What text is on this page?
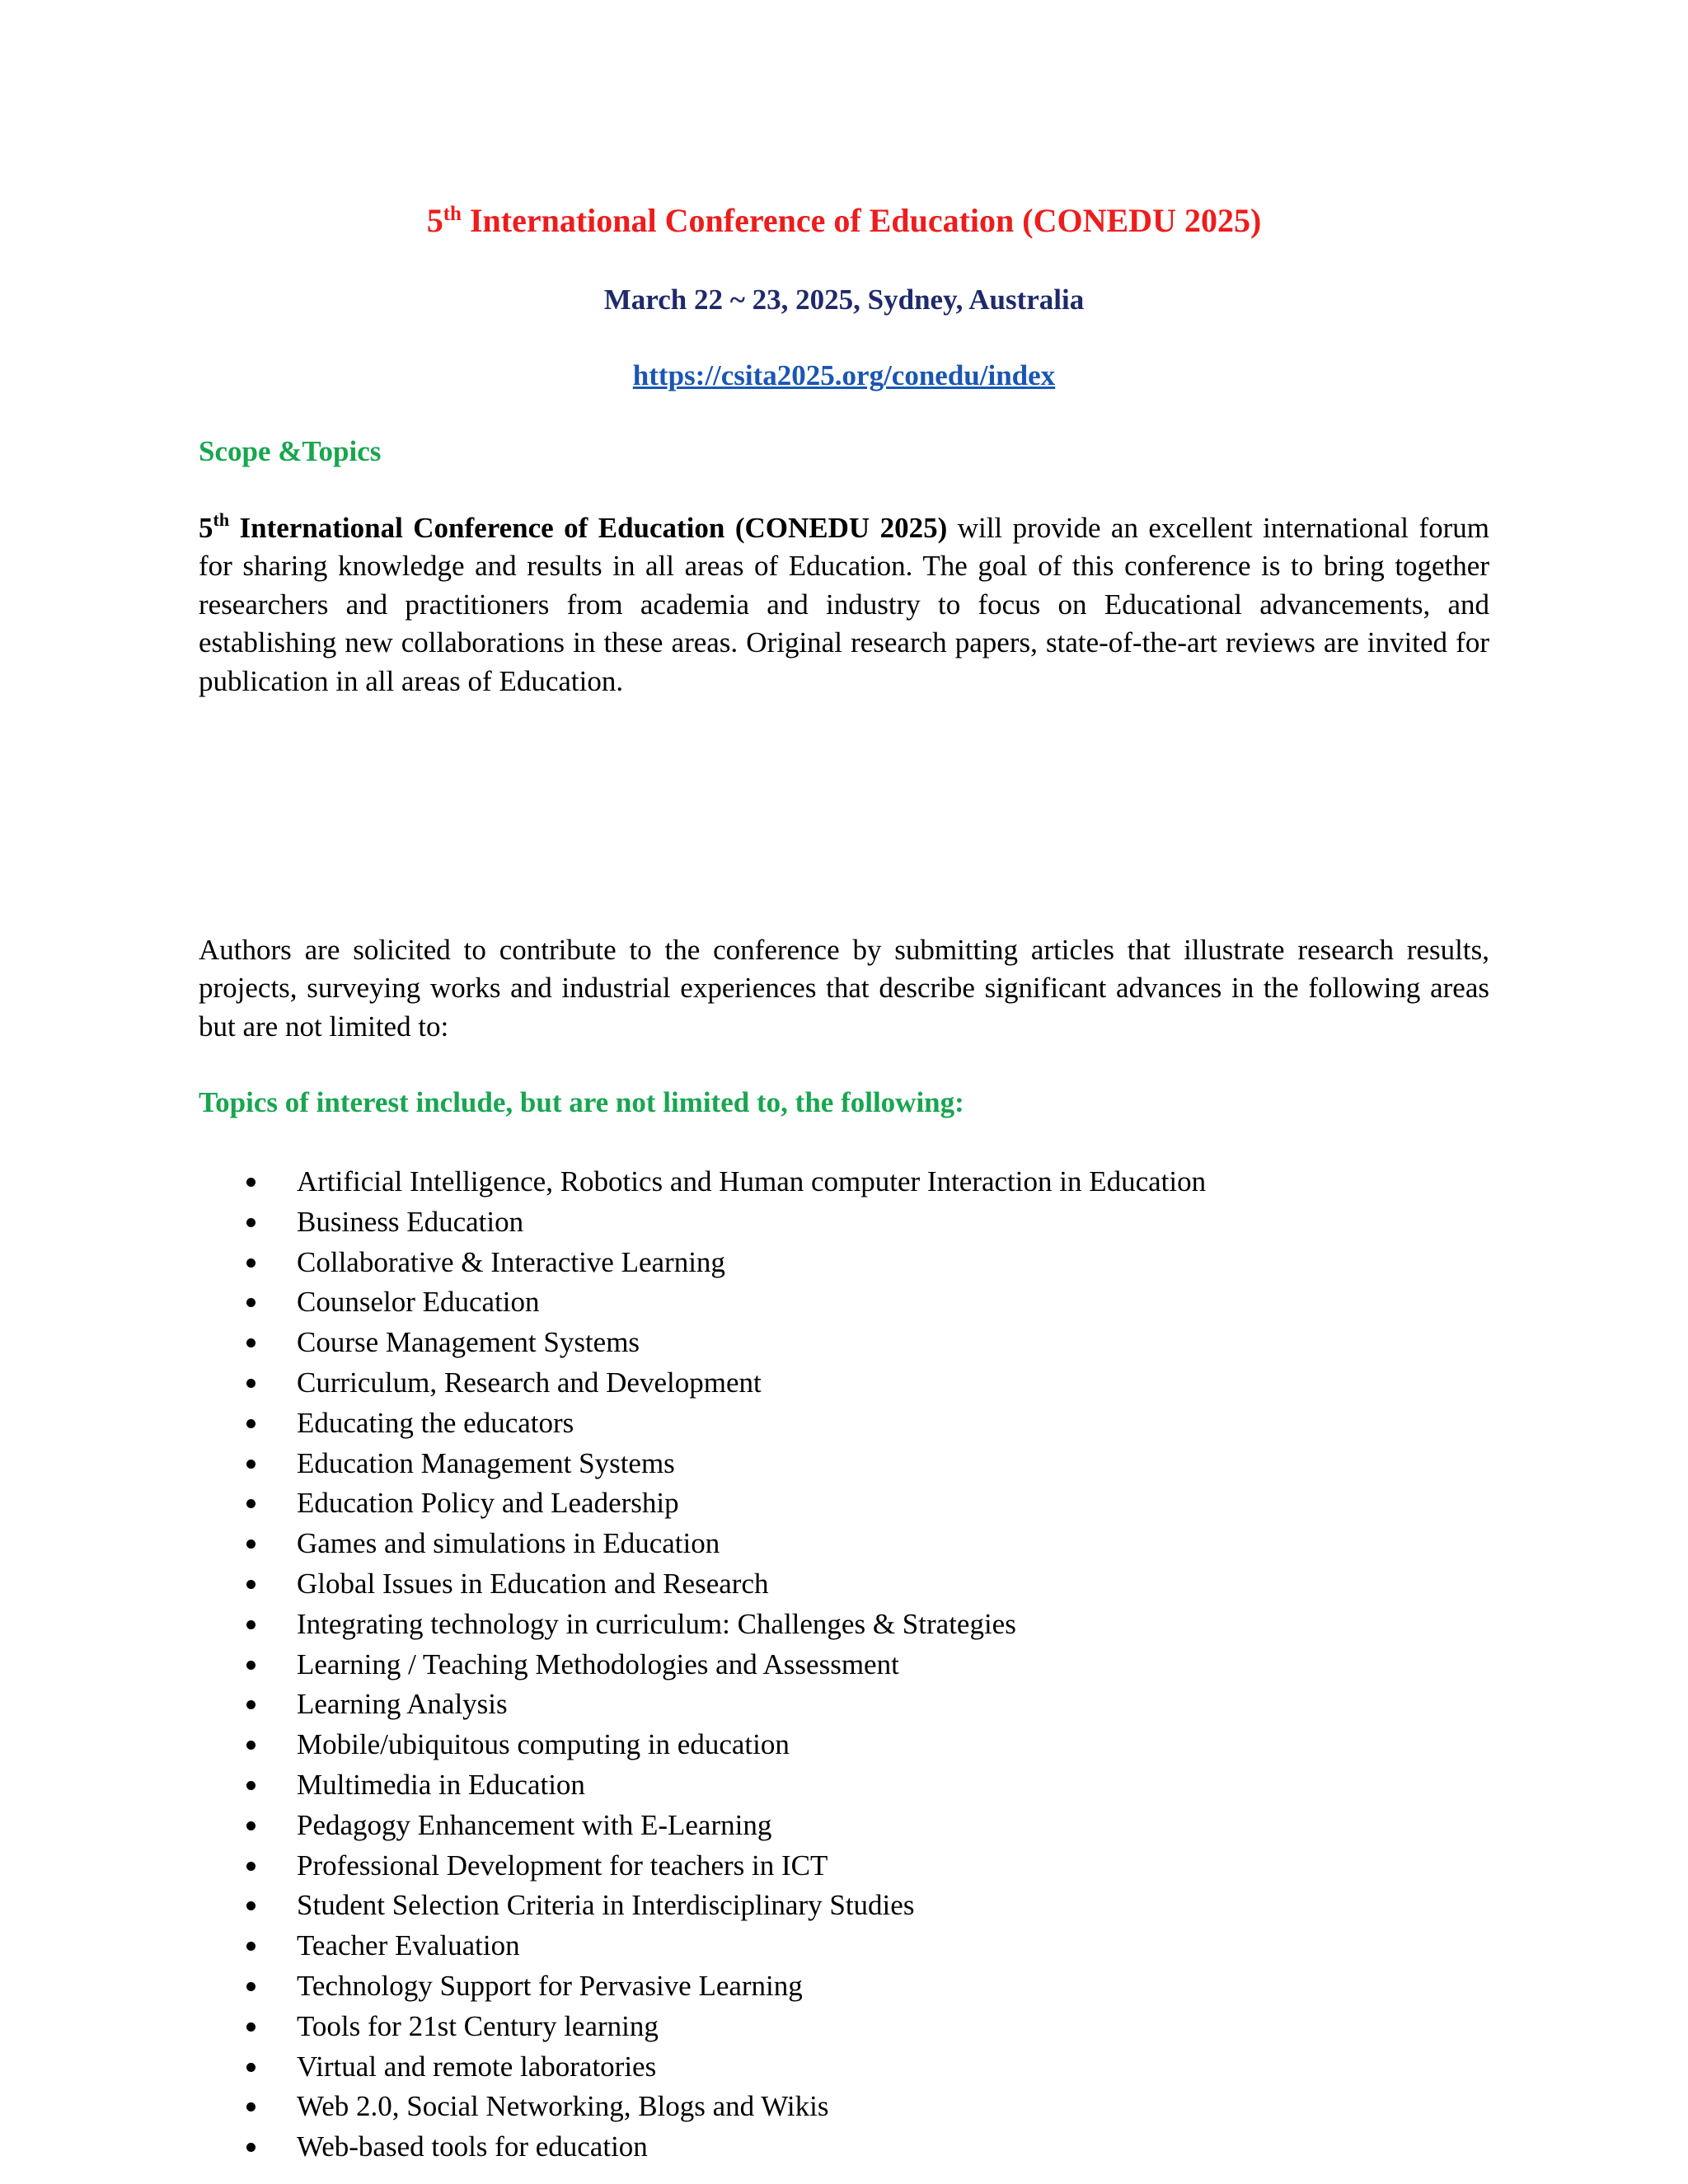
5th International Conference of Education (CONEDU 2025)

March 22 ~ 23, 2025, Sydney, Australia

https://csita2025.org/conedu/index

Scope &Topics

5th International Conference of Education (CONEDU 2025) will provide an excellent international forum for sharing knowledge and results in all areas of Education. The goal of this conference is to bring together researchers and practitioners from academia and industry to focus on Educational advancements, and establishing new collaborations in these areas. Original research papers, state-of-the-art reviews are invited for publication in all areas of Education.

Authors are solicited to contribute to the conference by submitting articles that illustrate research results, projects, surveying works and industrial experiences that describe significant advances in the following areas but are not limited to:

Topics of interest include, but are not limited to, the following:
Artificial Intelligence, Robotics and Human computer Interaction in Education
Business Education
Collaborative & Interactive Learning
Counselor Education
Course Management Systems
Curriculum, Research and Development
Educating the educators
Education Management Systems
Education Policy and Leadership
Games and simulations in Education
Global Issues in Education and Research
Integrating technology in curriculum: Challenges & Strategies
Learning / Teaching Methodologies and Assessment
Learning Analysis
Mobile/ubiquitous computing in education
Multimedia in Education
Pedagogy Enhancement with E-Learning
Professional Development for teachers in ICT
Student Selection Criteria in Interdisciplinary Studies
Teacher Evaluation
Technology Support for Pervasive Learning
Tools for 21st Century learning
Virtual and remote laboratories
Web 2.0, Social Networking, Blogs and Wikis
Web-based tools for education
